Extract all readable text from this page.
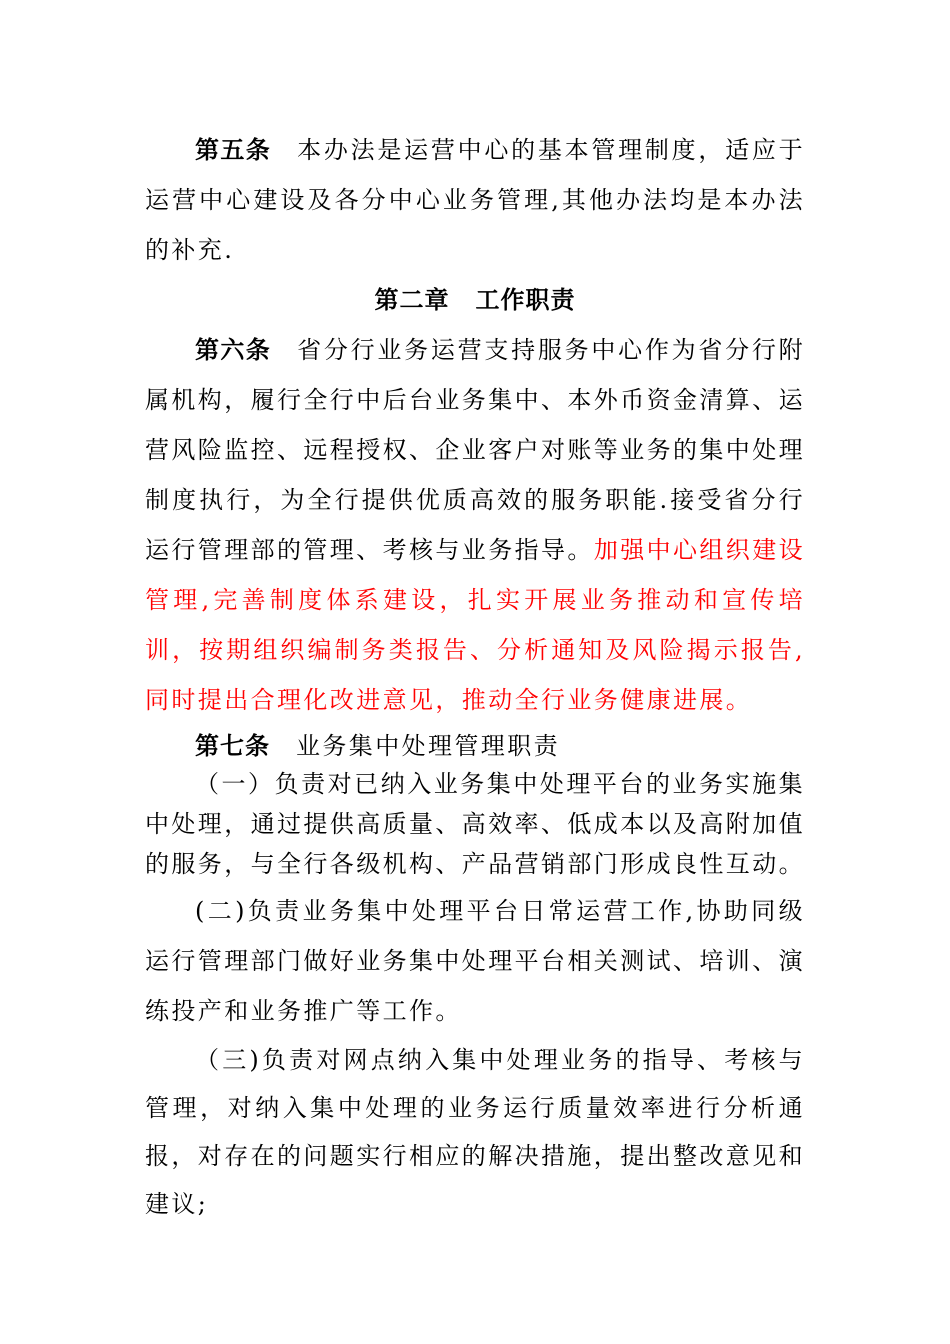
第五条 本办法是运营中心的基本管理制度，适应于运营中心建设及各分中心业务管理,其他办法均是本办法的补充.
第二章 工作职责
第六条 省分行业务运营支持服务中心作为省分行附属机构，履行全行中后台业务集中、本外币资金清算、运营风险监控、远程授权、企业客户对账等业务的集中处理制度执行，为全行提供优质高效的服务职能.接受省分行运行管理部的管理、考核与业务指导。加强中心组织建设管理,完善制度体系建设，扎实开展业务推动和宣传培训，按期组织编制务类报告、分析通知及风险揭示报告,同时提出合理化改进意见，推动全行业务健康进展。
第七条 业务集中处理管理职责
（一）负责对已纳入业务集中处理平台的业务实施集中处理，通过提供高质量、高效率、低成本以及高附加值的服务，与全行各级机构、产品营销部门形成良性互动。
(二)负责业务集中处理平台日常运营工作,协助同级运行管理部门做好业务集中处理平台相关测试、培训、演练投产和业务推广等工作。
（三)负责对网点纳入集中处理业务的指导、考核与管理，对纳入集中处理的业务运行质量效率进行分析通报，对存在的问题实行相应的解决措施，提出整改意见和建议;
